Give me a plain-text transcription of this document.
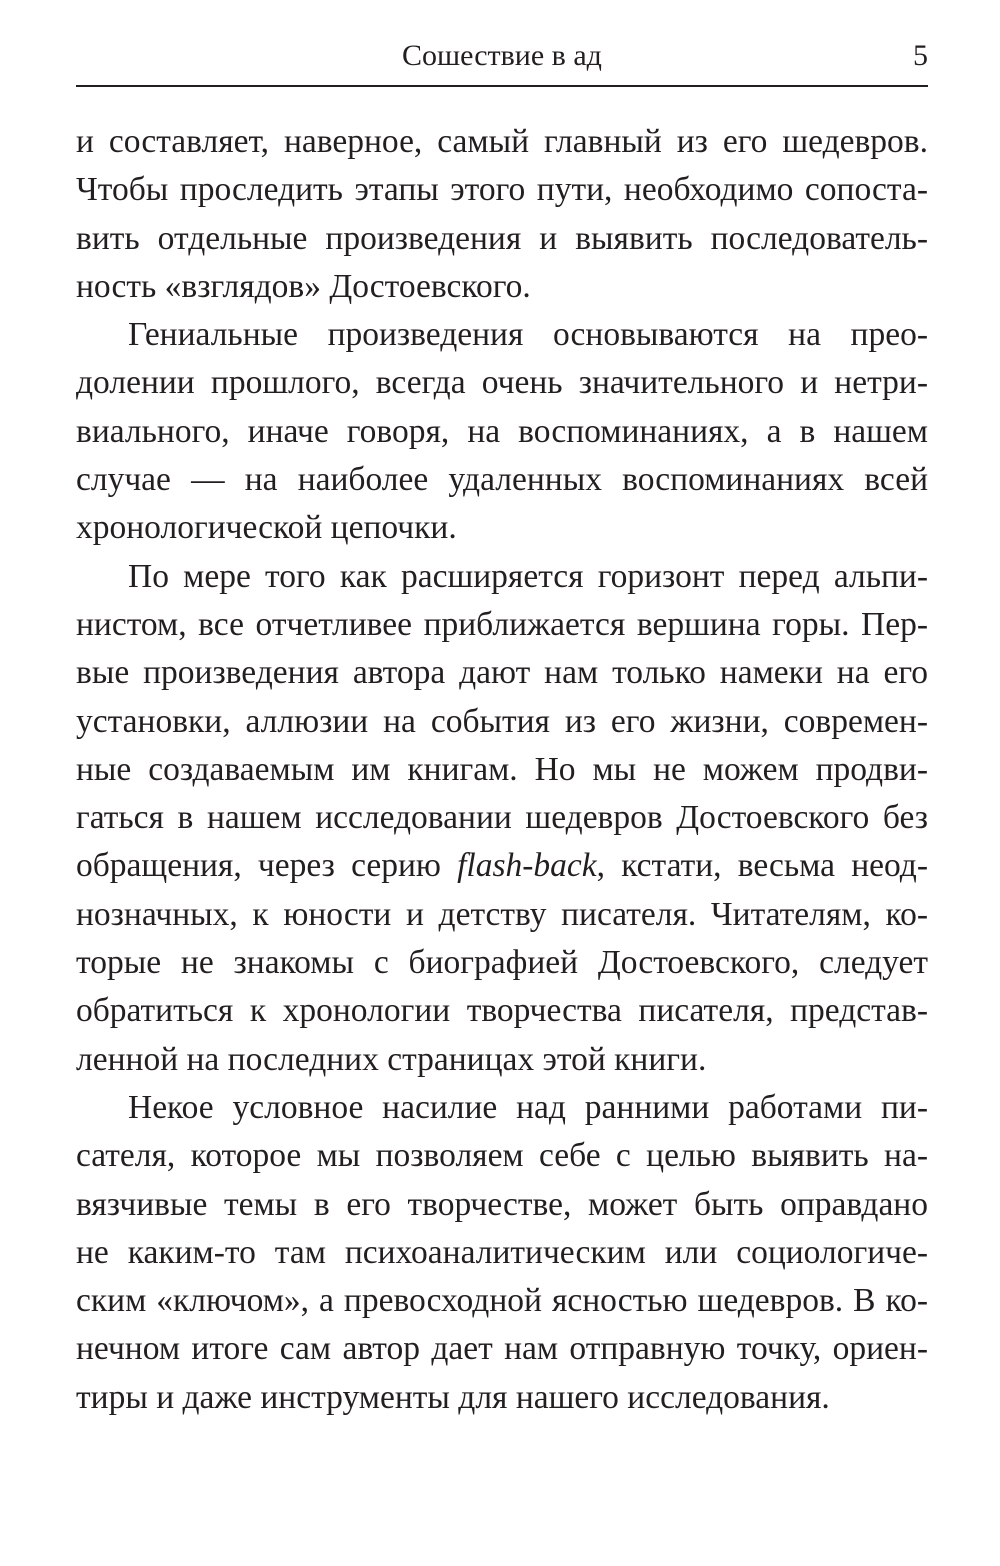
Сошествие в ад	5

и составляет, наверное, самый главный из его шедевров.
Чтобы проследить этапы этого пути, необходимо сопоста-
вить отдельные произведения и выявить последователь-
ность «взглядов» Достоевского.

Гениальные произведения основываются на прео-
долении прошлого, всегда очень значительного и нетри-
виального, иначе говоря, на воспоминаниях, а в нашем
случае — на наиболее удаленных воспоминаниях всей
хронологической цепочки.

По мере того как расширяется горизонт перед альпи-
нистом, все отчетливее приближается вершина горы. Пер-
вые произведения автора дают нам только намеки на его
установки, аллюзии на события из его жизни, современ-
ные создаваемым им книгам. Но мы не можем продви-
гаться в нашем исследовании шедевров Достоевского без
обращения, через серию flash-back, кстати, весьма неод-
нозначных, к юности и детству писателя. Читателям, ко-
торые не знакомы с биографией Достоевского, следует
обратиться к хронологии творчества писателя, представ-
ленной на последних страницах этой книги.

Некое условное насилие над ранними работами пи-
сателя, которое мы позволяем себе с целью выявить на-
вязчивые темы в его творчестве, может быть оправдано
не каким-то там психоаналитическим или социологиче-
ским «ключом», а превосходной ясностью шедевров. В ко-
нечном итоге сам автор дает нам отправную точку, ориен-
тиры и даже инструменты для нашего исследования.
